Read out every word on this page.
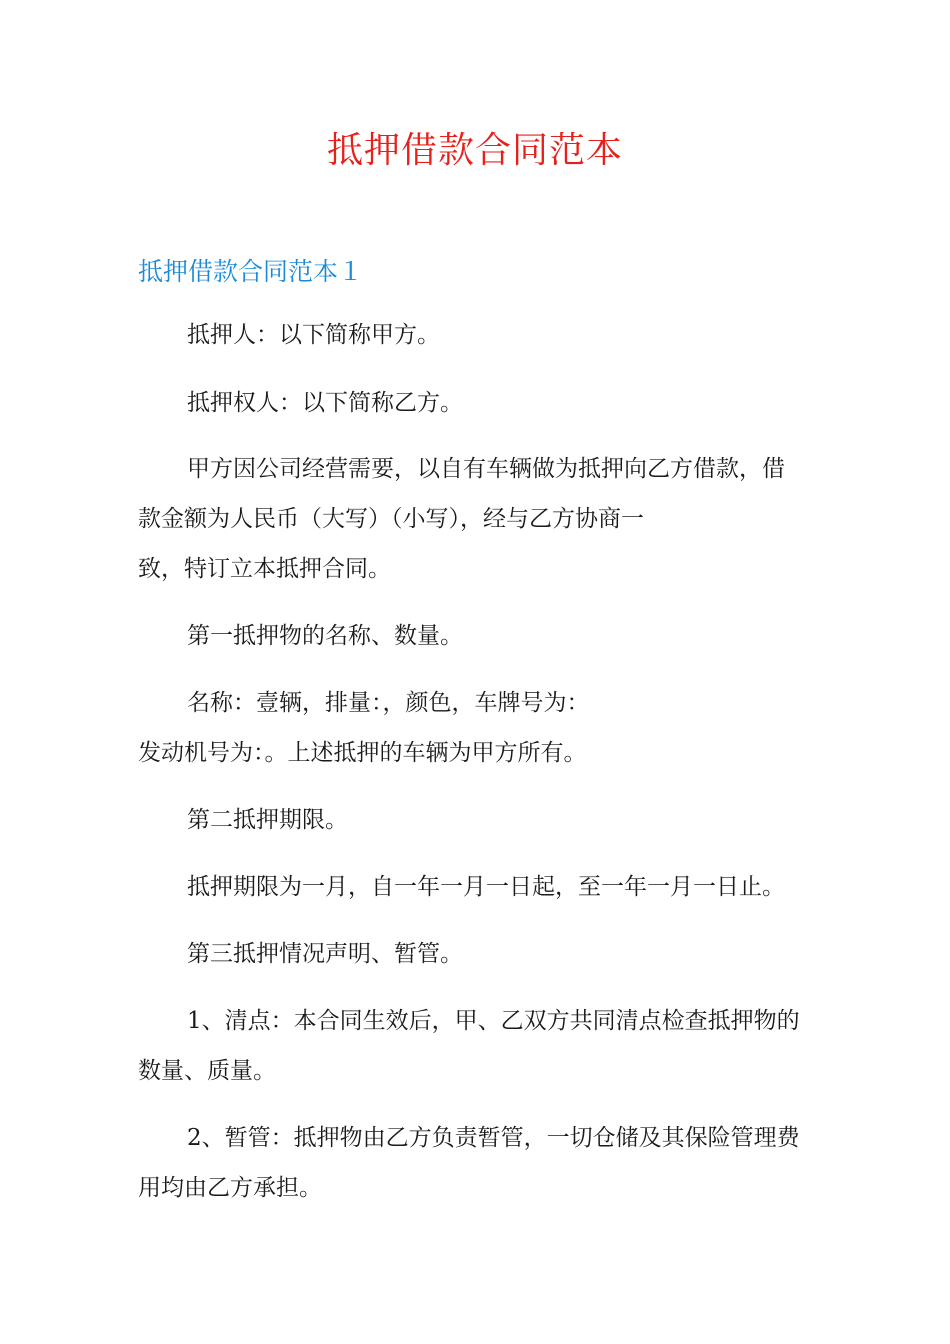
抵押借款合同范本
抵押借款合同范本１
抵押人：以下简称甲方。
抵押权人：以下简称乙方。
甲方因公司经营需要，以自有车辆做为抵押向乙方借款，借
款金额为人民币（大写）（小写），经与乙方协商一
致，特订立本抵押合同。
第一抵押物的名称、数量。
名称：壹辆，排量：，颜色，车牌号为：
发动机号为：。上述抵押的车辆为甲方所有。
第二抵押期限。
抵押期限为一月，自一年一月一日起，至一年一月一日止。
第三抵押情况声明、暂管。
1、清点：本合同生效后，甲、乙双方共同清点检查抵押物的
数量、质量。
2、暂管：抵押物由乙方负责暂管，一切仓储及其保险管理费
用均由乙方承担。
